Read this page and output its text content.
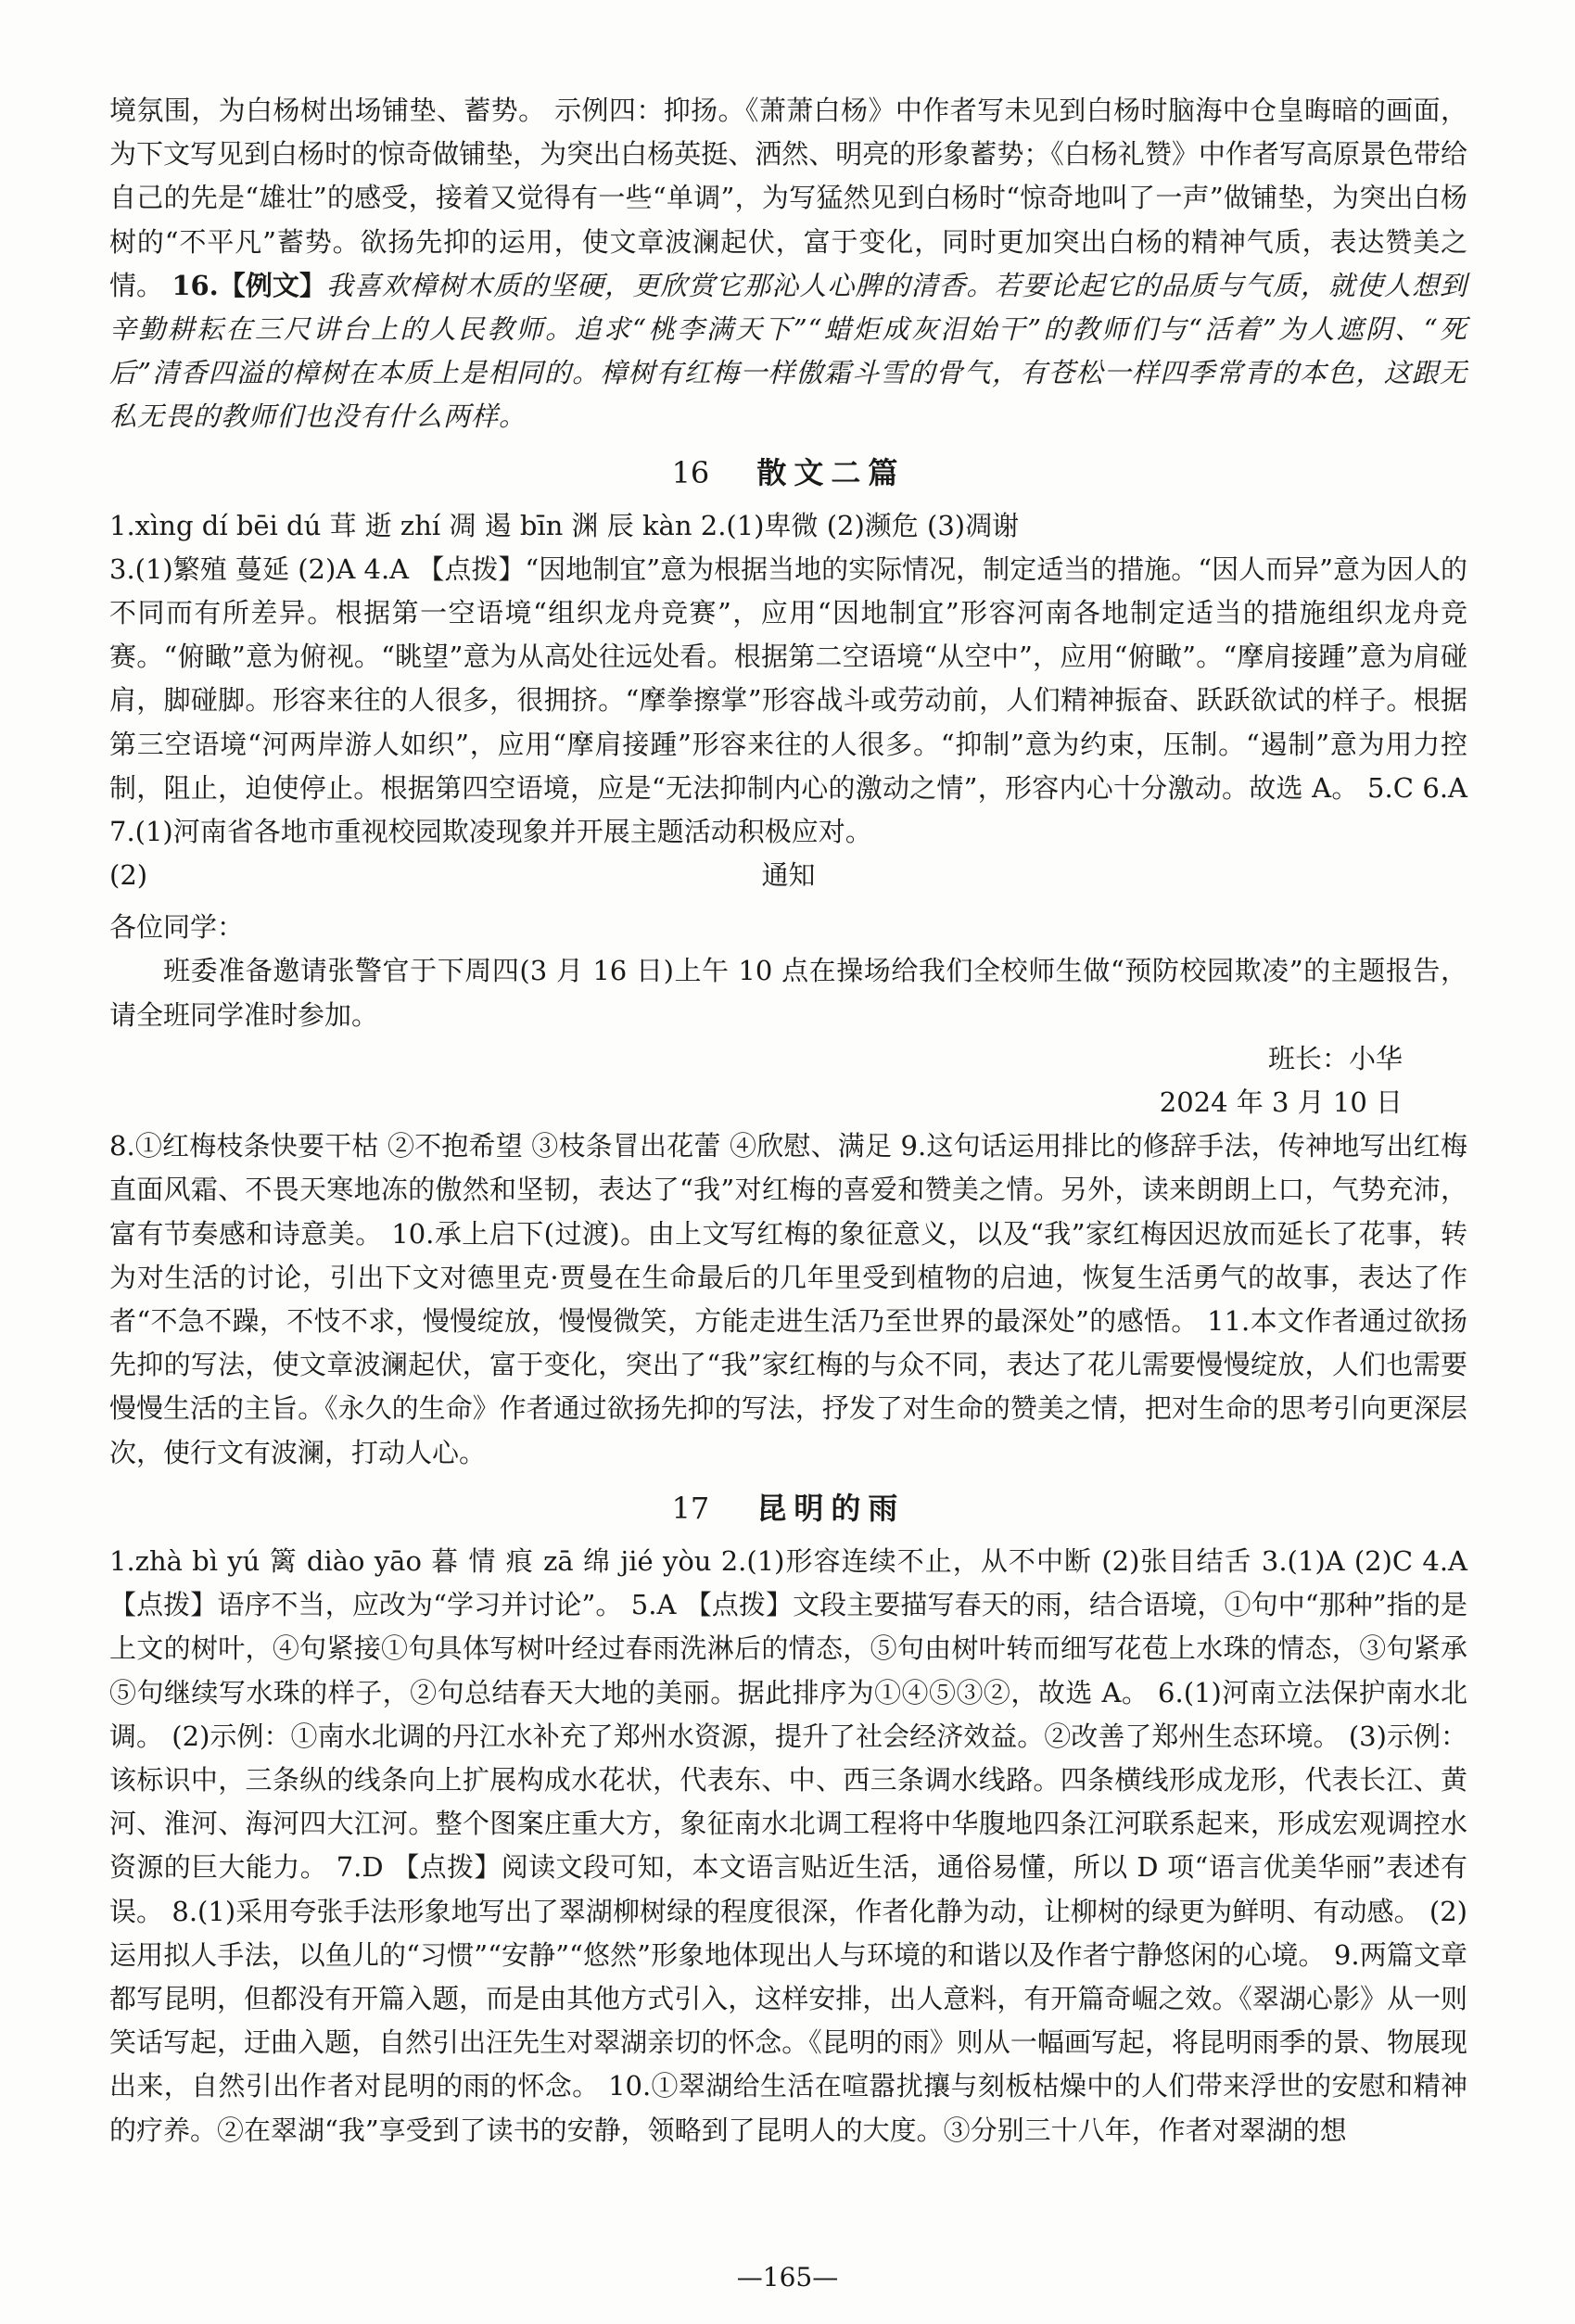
境氛围，为白杨树出场铺垫、蓄势。 示例四：抑扬。《萧萧白杨》中作者写未见到白杨时脑海中仓皇晦暗的画面，为下文写见到白杨时的惊奇做铺垫，为突出白杨英挺、洒然、明亮的形象蓄势；《白杨礼赞》中作者写高原景色带给自己的先是“雄壮”的感受，接着又觉得有一些“单调”，为写猛然见到白杨时“惊奇地叫了一声”做铺垫，为突出白杨树的“不平凡”蓄势。欲扬先抑的运用，使文章波澜起伏，富于变化，同时更加突出白杨的精神气质，表达赞美之情。 16.【例文】我喜欢樟树木质的坚硬，更欣赏它那沁人心脾的清香。若要论起它的品质与气质，就使人想到辛勤耕耘在三尺讲台上的人民教师。追求“桃李满天下”“蜡炬成灰泪始干”的教师们与“活着”为人遮阴、“死后”清香四溢的樟树在本质上是相同的。樟树有红梅一样傲霜斗雪的骨气，有苍松一样四季常青的本色，这跟无私无畏的教师们也没有什么两样。

16 散文二篇

1.xìng dí bēi dú 茸 逝 zhí 凋 遏 bīn 渊 辰 kàn 2.(1)卑微 (2)濒危 (3)凋谢

3.(1)繁殖 蔓延 (2)A 4.A 【点拨】“因地制宜”意为根据当地的实际情况，制定适当的措施。“因人而异”意为因人的不同而有所差异。根据第一空语境“组织龙舟竞赛”，应用“因地制宜”形容河南各地制定适当的措施组织龙舟竞赛。“俯瞰”意为俯视。“眺望”意为从高处往远处看。根据第二空语境“从空中”，应用“俯瞰”。“摩肩接踵”意为肩碰肩，脚碰脚。形容来往的人很多，很拥挤。“摩拳擦掌”形容战斗或劳动前，人们精神振奋、跃跃欲试的样子。根据第三空语境“河两岸游人如织”，应用“摩肩接踵”形容来往的人很多。“抑制”意为约束，压制。“遏制”意为用力控制，阻止，迫使停止。根据第四空语境，应是“无法抑制内心的激动之情”，形容内心十分激动。故选 A。 5.C 6.A 7.(1)河南省各地市重视校园欺凌现象并开展主题活动积极应对。

(2)	通知

各位同学：

班委准备邀请张警官于下周四(3 月 16 日)上午 10 点在操场给我们全校师生做“预防校园欺凌”的主题报告，请全班同学准时参加。

班长：小华

2024 年 3 月 10 日

8.①红梅枝条快要干枯 ②不抱希望 ③枝条冒出花蕾 ④欣慰、满足 9.这句话运用排比的修辞手法，传神地写出红梅直面风霜、不畏天寒地冻的傲然和坚韧，表达了“我”对红梅的喜爱和赞美之情。另外，读来朗朗上口，气势充沛，富有节奏感和诗意美。 10.承上启下(过渡)。由上文写红梅的象征意义，以及“我”家红梅因迟放而延长了花事，转为对生活的讨论，引出下文对德里克·贾曼在生命最后的几年里受到植物的启迪，恢复生活勇气的故事，表达了作者“不急不躁，不忮不求，慢慢绽放，慢慢微笑，方能走进生活乃至世界的最深处”的感悟。 11.本文作者通过欲扬先抑的写法，使文章波澜起伏，富于变化，突出了“我”家红梅的与众不同，表达了花儿需要慢慢绽放，人们也需要慢慢生活的主旨。《永久的生命》作者通过欲扬先抑的写法，抒发了对生命的赞美之情，把对生命的思考引向更深层次，使行文有波澜，打动人心。

17 昆明的雨

1.zhà bì yú 篱 diào yāo 暮 情 痕 zā 绵 jié yòu 2.(1)形容连续不止，从不中断 (2)张目结舌 3.(1)A (2)C 4.A 【点拨】语序不当，应改为“学习并讨论”。 5.A 【点拨】文段主要描写春天的雨，结合语境，①句中“那种”指的是上文的树叶，④句紧接①句具体写树叶经过春雨洗淋后的情态，⑤句由树叶转而细写花苞上水珠的情态，③句紧承⑤句继续写水珠的样子，②句总结春天大地的美丽。据此排序为①④⑤③②，故选 A。 6.(1)河南立法保护南水北调。 (2)示例：①南水北调的丹江水补充了郑州水资源，提升了社会经济效益。②改善了郑州生态环境。 (3)示例：该标识中，三条纵的线条向上扩展构成水花状，代表东、中、西三条调水线路。四条横线形成龙形，代表长江、黄河、淮河、海河四大江河。整个图案庄重大方，象征南水北调工程将中华腹地四条江河联系起来，形成宏观调控水资源的巨大能力。 7.D 【点拨】阅读文段可知，本文语言贴近生活，通俗易懂，所以 D 项“语言优美华丽”表述有误。 8.(1)采用夸张手法形象地写出了翠湖柳树绿的程度很深，作者化静为动，让柳树的绿更为鲜明、有动感。 (2)运用拟人手法，以鱼儿的“习惯”“安静”“悠然”形象地体现出人与环境的和谐以及作者宁静悠闲的心境。 9.两篇文章都写昆明，但都没有开篇入题，而是由其他方式引入，这样安排，出人意料，有开篇奇崛之效。《翠湖心影》从一则笑话写起，迂曲入题，自然引出汪先生对翠湖亲切的怀念。《昆明的雨》则从一幅画写起，将昆明雨季的景、物展现出来，自然引出作者对昆明的雨的怀念。 10.①翠湖给生活在喧嚣扰攘与刻板枯燥中的人们带来浮世的安慰和精神的疗养。②在翠湖“我”享受到了读书的安静，领略到了昆明人的大度。③分别三十八年，作者对翠湖的想

—165—
